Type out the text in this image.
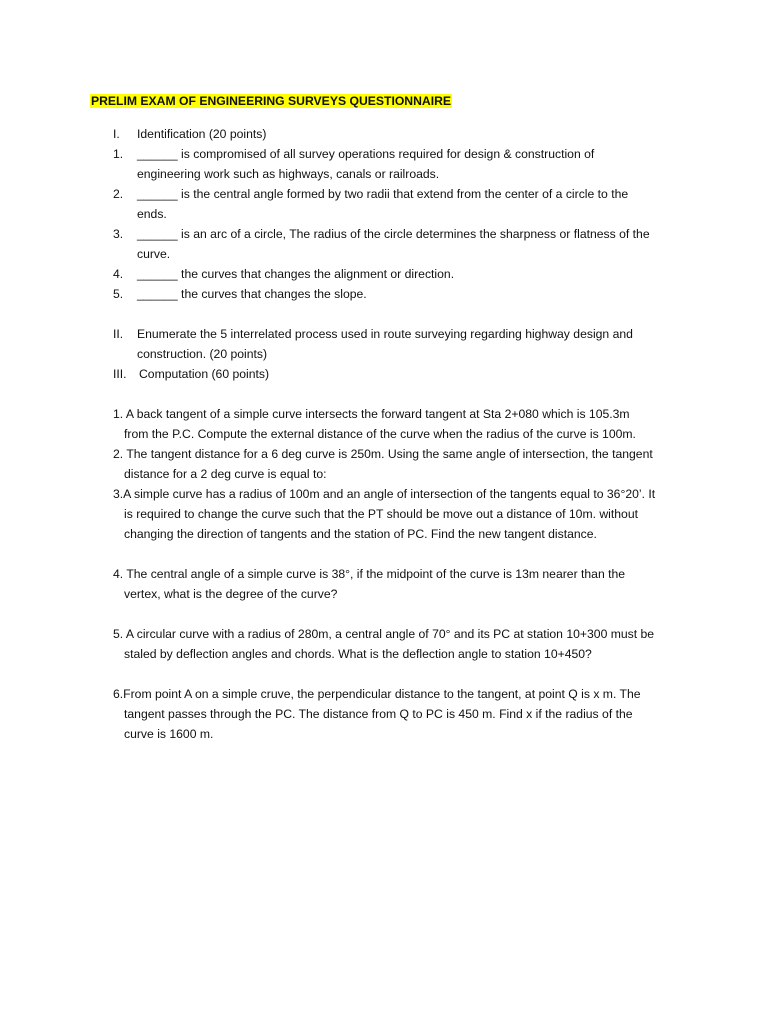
PRELIM EXAM OF ENGINEERING SURVEYS QUESTIONNAIRE
I. Identification (20 points)
1. ______ is compromised of all survey operations required for design & construction of
engineering work such as highways, canals or railroads.
2. ______ is the central angle formed by two radii that extend from the center of a circle to the
ends.
3. ______ is an arc of a circle, The radius of the circle determines the sharpness or flatness of the
curve.
4. ______ the curves that changes the alignment or direction.
5. ______ the curves that changes the slope.
II. Enumerate the 5 interrelated process used in route surveying regarding highway design and
construction. (20 points)
III. Computation (60 points)
1. A back tangent of a simple curve intersects the forward tangent at Sta 2+080 which is 105.3m
from the P.C. Compute the external distance of the curve when the radius of the curve is 100m.
2. The tangent distance for a 6 deg curve is 250m. Using the same angle of intersection, the tangent
distance for a 2 deg curve is equal to:
3.A simple curve has a radius of 100m and an angle of intersection of the tangents equal to 36°20’. It
is required to change the curve such that the PT should be move out a distance of 10m. without
changing the direction of tangents and the station of PC. Find the new tangent distance.
4. The central angle of a simple curve is 38°, if the midpoint of the curve is 13m nearer than the
vertex, what is the degree of the curve?
5. A circular curve with a radius of 280m, a central angle of 70° and its PC at station 10+300 must be
staled by deflection angles and chords. What is the deflection angle to station 10+450?
6.From point A on a simple cruve, the perpendicular distance to the tangent, at point Q is x m. The
tangent passes through the PC. The distance from Q to PC is 450 m. Find x if the radius of the
curve is 1600 m.
